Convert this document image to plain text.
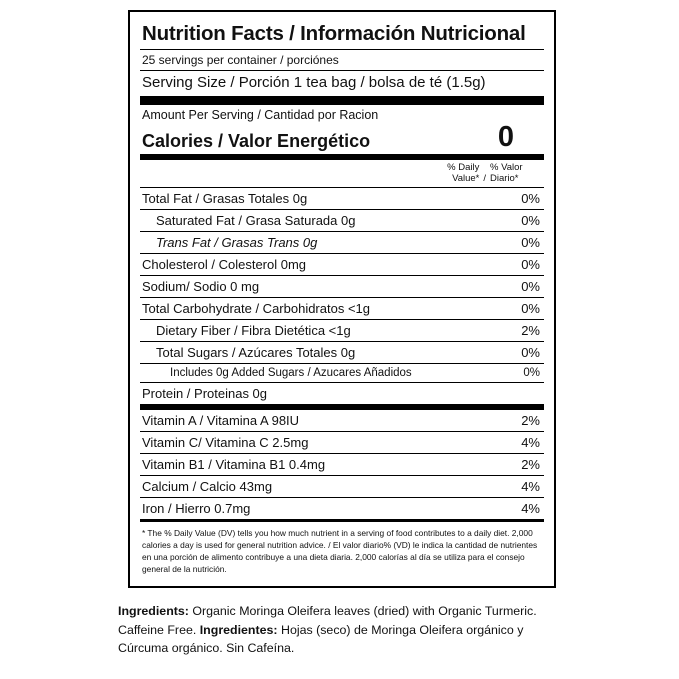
Nutrition Facts / Información Nutricional
25 servings per container / porciónes
Serving Size / Porción 1 tea bag / bolsa de té (1.5g)
Amount Per Serving / Cantidad por Racion
Calories / Valor Energético	0
% Daily Value* /
% Valor Diario*
Total Fat / Grasas Totales 0g	0%
Saturated Fat / Grasa Saturada 0g	0%
Trans Fat / Grasas Trans 0g	0%
Cholesterol / Colesterol 0mg	0%
Sodium/ Sodio 0 mg	0%
Total Carbohydrate / Carbohidratos <1g	0%
Dietary Fiber / Fibra Dietética <1g	2%
Total Sugars / Azúcares Totales 0g	0%
Includes 0g Added Sugars / Azucares Añadidos	0%
Protein / Proteinas 0g	
Vitamin A / Vitamina A 98IU	2%
Vitamin C/ Vitamina C 2.5mg	4%
Vitamin B1 / Vitamina B1 0.4mg	2%
Calcium / Calcio 43mg	4%
Iron / Hierro 0.7mg	4%
* The % Daily Value (DV) tells you how much nutrient in a serving of food contributes to a daily diet. 2,000 calories a day is used for general nutrition advice. / El valor diario% (VD) le indica la cantidad de nutrientes en una porción de alimento contribuye a una dieta diaria. 2,000 calorías al día se utiliza para el consejo general de la nutrición.
Ingredients: Organic Moringa Oleifera leaves (dried) with Organic Turmeric. Caffeine Free. Ingredientes: Hojas (seco) de Moringa Oleifera orgánico y Cúrcuma orgánico. Sin Cafeína.
